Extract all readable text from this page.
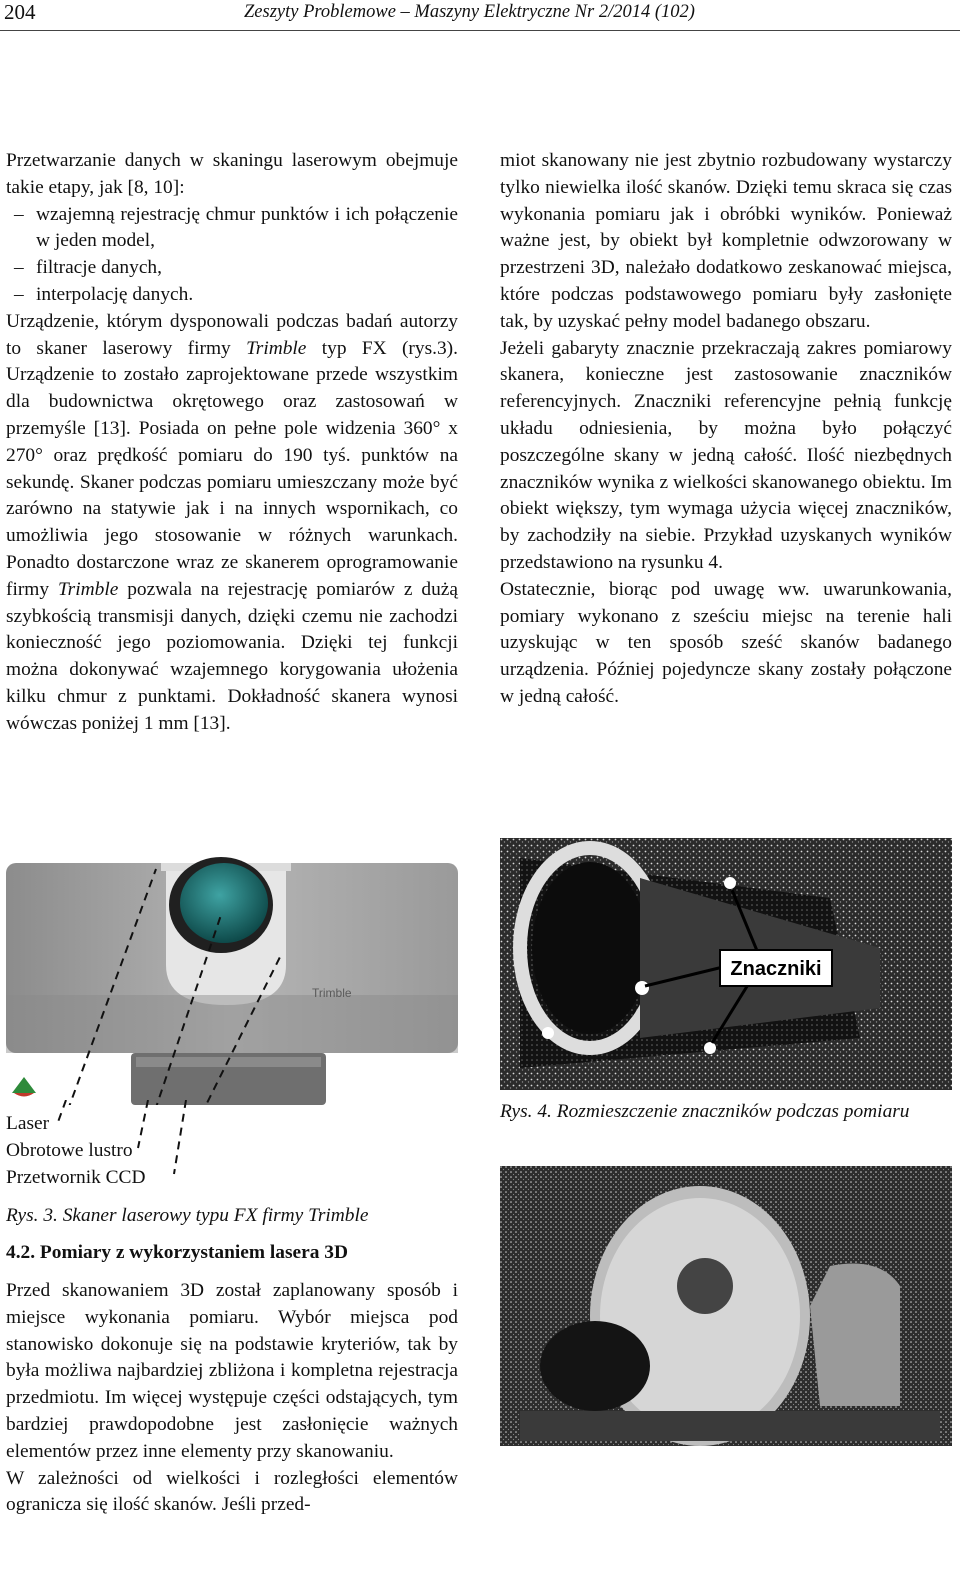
204	Zeszyty Problemowe – Maszyny Elektryczne Nr 2/2014 (102)

Przetwarzanie danych w skaningu laserowym obejmuje takie etapy, jak [8, 10]:

– wzajemną rejestrację chmur punktów i ich połączenie w jeden model,
– filtracje danych,
– interpolację danych.

Urządzenie, którym dysponowali podczas badań autorzy to skaner laserowy firmy Trimble typ FX (rys.3). Urządzenie to zostało zaprojektowane przede wszystkim dla budownictwa okrętowego oraz zastosowań w przemyśle [13]. Posiada on pełne pole widzenia 360° x 270° oraz prędkość pomiaru do 190 tyś. punktów na sekundę. Skaner podczas pomiaru umieszczany może być zarówno na statywie jak i na innych wspornikach, co umożliwia jego stosowanie w różnych warunkach. Ponadto dostarczone wraz ze skanerem oprogramowanie firmy Trimble pozwala na rejestrację pomiarów z dużą szybkością transmisji danych, dzięki czemu nie zachodzi konieczność jego poziomowania. Dzięki tej funkcji można dokonywać wzajemnego korygowania ułożenia kilku chmur z punktami. Dokładność skanera wynosi wówczas poniżej 1 mm [13].

miot skanowany nie jest zbytnio rozbudowany wystarczy tylko niewielka ilość skanów. Dzięki temu skraca się czas wykonania pomiaru jak i obróbki wyników. Ponieważ ważne jest, by obiekt był kompletnie odwzorowany w przestrzeni 3D, należało dodatkowo zeskanować miejsca, które podczas podstawowego pomiaru były zasłonięte tak, by uzyskać pełny model badanego obszaru.

Jeżeli gabaryty znacznie przekraczają zakres pomiarowy skanera, konieczne jest zastosowanie znaczników referencyjnych. Znaczniki referencyjne pełnią funkcję układu odniesienia, by można było połączyć poszczególne skany w jedną całość. Ilość niezbędnych znaczników wynika z wielkości skanowanego obiektu. Im obiekt większy, tym wymaga użycia więcej znaczników, by zachodziły na siebie. Przykład uzyskanych wyników przedstawiono na rysunku 4.

Ostatecznie, biorąc pod uwagę ww. uwarunkowania, pomiary wykonano z sześciu miejsc na terenie hali uzyskując w ten sposób sześć skanów badanego urządzenia. Później pojedyncze skany zostały połączone w jedną całość.

Trimble
Laser
Obrotowe lustro
Przetwornik CCD
Rys. 3. Skaner laserowy typu FX firmy Trimble
Znaczniki
Rys. 4. Rozmieszczenie znaczników podczas pomiaru
4.2. Pomiary z wykorzystaniem lasera 3D

Przed skanowaniem 3D został zaplanowany sposób i miejsce wykonania pomiaru. Wybór miejsca pod stanowisko dokonuje się na podstawie kryteriów, tak by była możliwa najbardziej zbliżona i kompletna rejestracja przedmiotu. Im więcej występuje części odstających, tym bardziej prawdopodobne jest zasłonięcie ważnych elementów przez inne elementy przy skanowaniu.

W zależności od wielkości i rozległości elementów ogranicza się ilość skanów. Jeśli przed-
